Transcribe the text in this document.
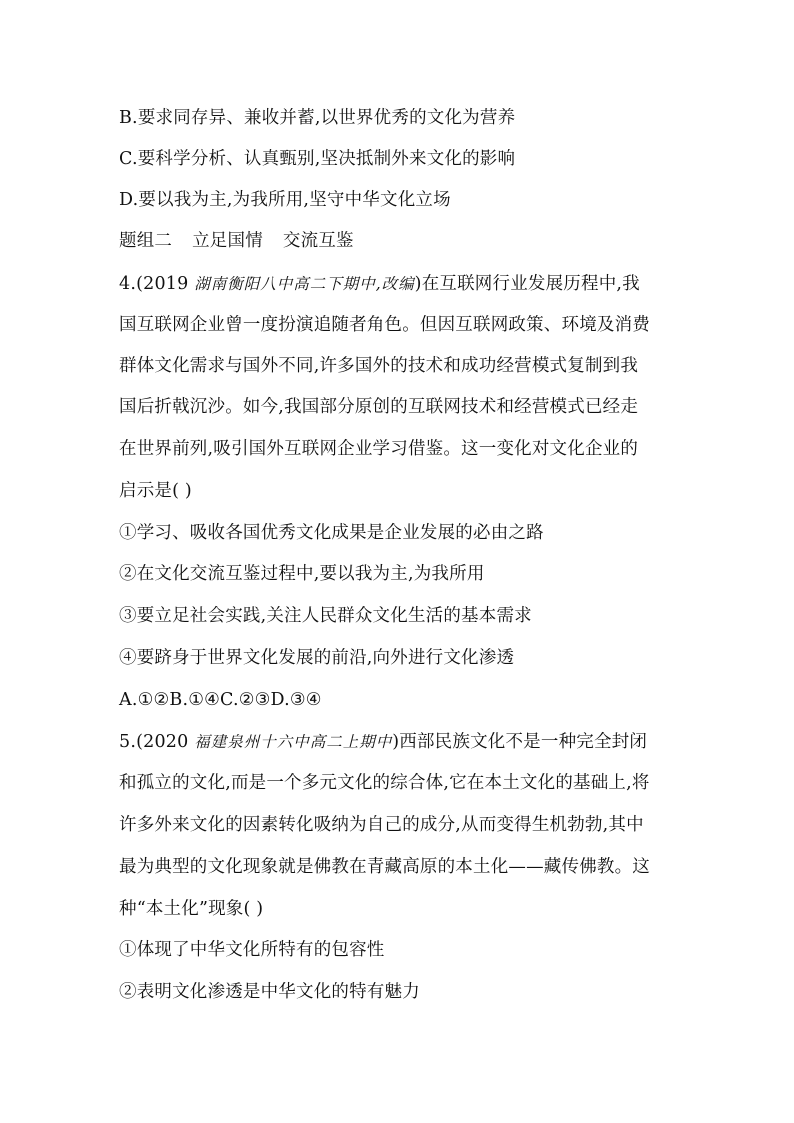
B.要求同存异、兼收并蓄,以世界优秀的文化为营养
C.要科学分析、认真甄别,坚决抵制外来文化的影响
D.要以我为主,为我所用,坚守中华文化立场
题组二 立足国情 交流互鉴
4.(2019 湖南衡阳八中高二下期中,改编)在互联网行业发展历程中,我
国互联网企业曾一度扮演追随者角色。但因互联网政策、环境及消费
群体文化需求与国外不同,许多国外的技术和成功经营模式复制到我
国后折戟沉沙。如今,我国部分原创的互联网技术和经营模式已经走
在世界前列,吸引国外互联网企业学习借鉴。这一变化对文化企业的
启示是( )
①学习、吸收各国优秀文化成果是企业发展的必由之路
②在文化交流互鉴过程中,要以我为主,为我所用
③要立足社会实践,关注人民群众文化生活的基本需求
④要跻身于世界文化发展的前沿,向外进行文化渗透
A.①②B.①④C.②③D.③④
5.(2020 福建泉州十六中高二上期中)西部民族文化不是一种完全封闭
和孤立的文化,而是一个多元文化的综合体,它在本土文化的基础上,将
许多外来文化的因素转化吸纳为自己的成分,从而变得生机勃勃,其中
最为典型的文化现象就是佛教在青藏高原的本土化——藏传佛教。这
种“本土化”现象( )
①体现了中华文化所特有的包容性
②表明文化渗透是中华文化的特有魅力
